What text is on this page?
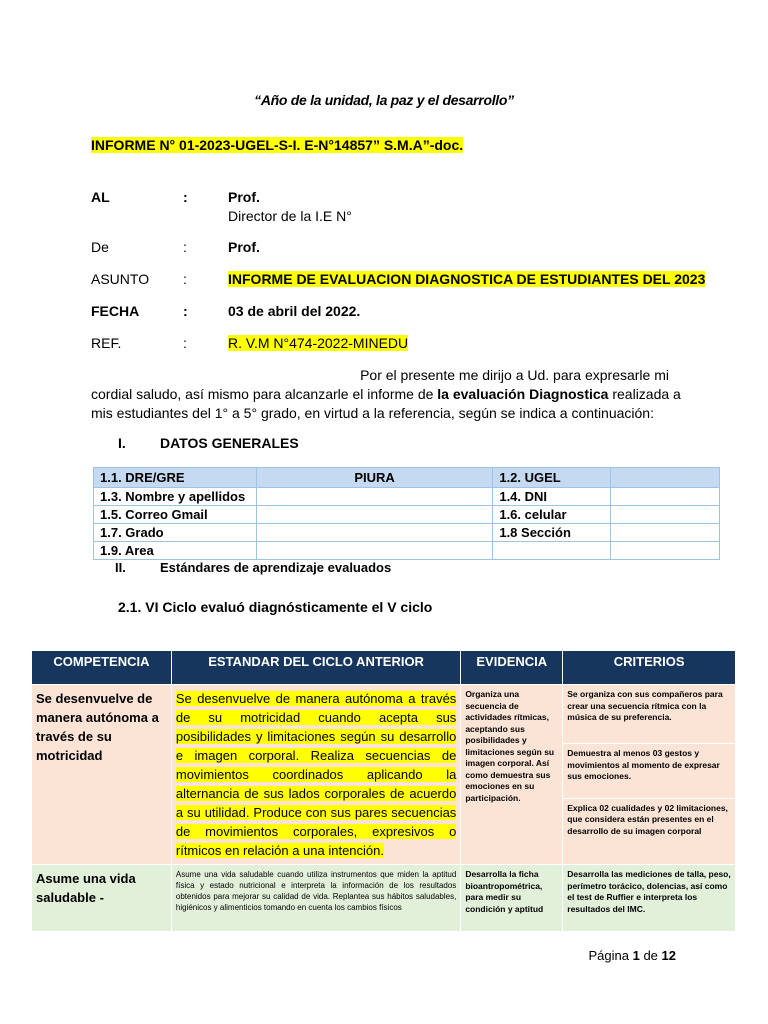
“Año de la unidad, la paz y el desarrollo”
INFORME N° 01-2023-UGEL-S-I. E-N°14857” S.M.A”-doc.
AL	:	Prof.
Director de la I.E N°
De	:	Prof.
ASUNTO :	INFORME DE EVALUACION DIAGNOSTICA DE ESTUDIANTES DEL 2023
FECHA	:	03 de abril del 2022.
REF.	:	R. V.M N°474-2022-MINEDU
Por el presente me dirijo a Ud. para expresarle mi
cordial saludo, así mismo para alcanzarle el informe de la evaluación Diagnostica realizada a mis estudiantes del 1° a 5° grado, en virtud a la referencia, según se indica a continuación:
I. DATOS GENERALES
1.1. DRE/GRE	PIURA	1.2. UGEL	
1.3. Nombre y apellidos		1.4. DNI	
1.5. Correo Gmail		1.6. celular	
1.7. Grado		1.8 Sección	
1.9. Area			
II.	Estándares de aprendizaje evaluados
2.1. VI Ciclo evaluó diagnósticamente el V ciclo
COMPETENCIA	ESTANDAR DEL CICLO ANTERIOR	EVIDENCIA	CRITERIOS
Se desenvuelve de manera autónoma a través de su motricidad	Se desenvuelve de manera autónoma a través de su motricidad cuando acepta sus posibilidades y limitaciones según su desarrollo e imagen corporal. Realiza secuencias de movimientos coordinados aplicando la alternancia de sus lados corporales de acuerdo a su utilidad. Produce con sus pares secuencias de movimientos corporales, expresivos o rítmicos en relación a una intención.	Organiza una secuencia de actividades rítmicas, aceptando sus posibilidades y limitaciones según su imagen corporal. Así como demuestra sus emociones en su participación.	Se organiza con sus compañeros para crear una secuencia rítmica con la música de su preferencia.
			Demuestra al menos 03 gestos y movimientos al momento de expresar sus emociones.
			Explica 02 cualidades y 02 limitaciones, que considera están presentes en el desarrollo de su imagen corporal
Asume una vida saludable -	Asume una vida saludable cuando utiliza instrumentos que miden la aptitud física y estado nutricional e interpreta la información de los resultados obtenidos para mejorar su calidad de vida. Replantea sus hábitos saludables, higiénicos y alimenticios tomando en cuenta los cambios físicos	Desarrolla la ficha bioantropométrica, para medir su condición y aptitud	Desarrolla las mediciones de talla, peso, perímetro torácico, dolencias, así como el test de Ruffier e interpreta los resultados del IMC.
Página 1 de 12
